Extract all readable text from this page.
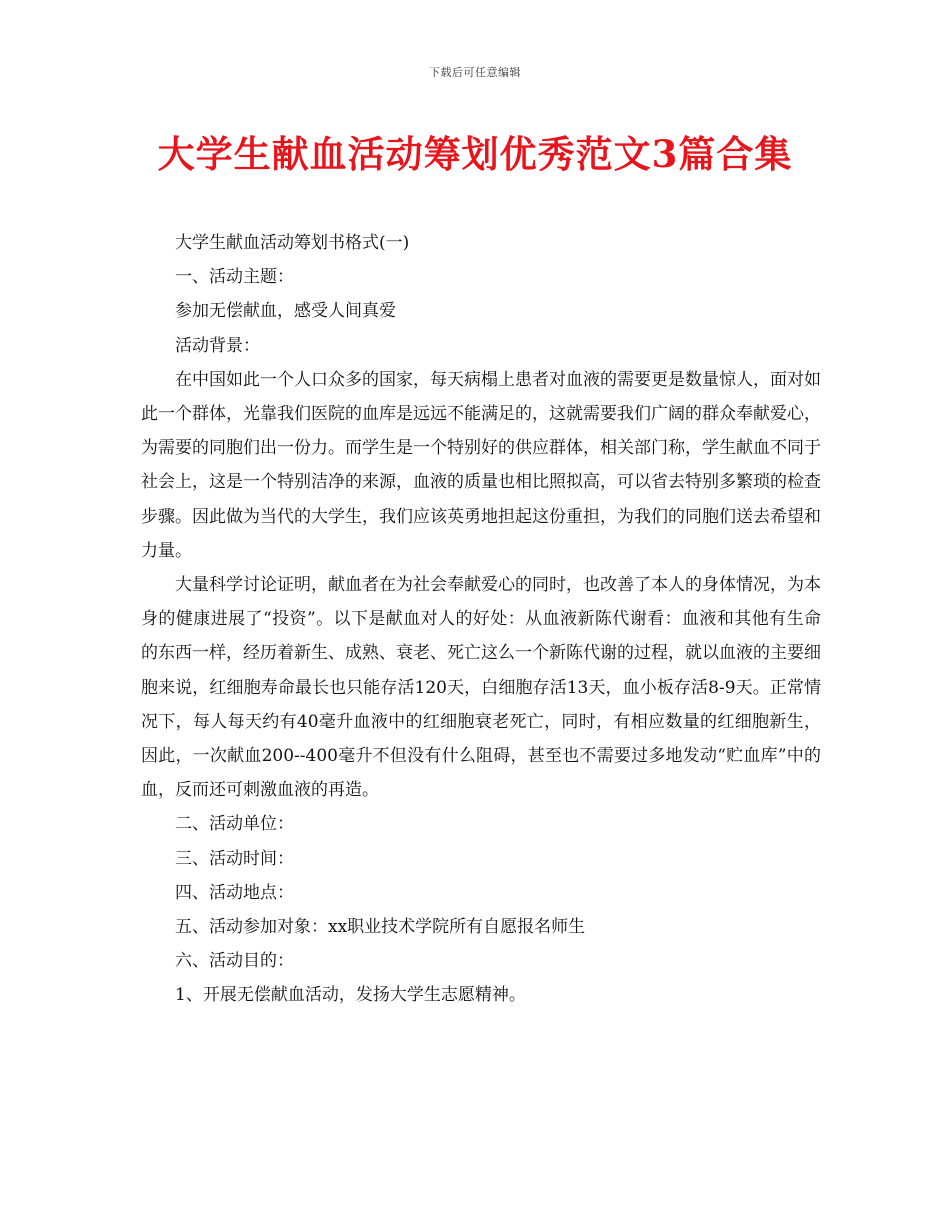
下载后可任意编辑
大学生献血活动筹划优秀范文3篇合集

大学生献血活动筹划书格式(一)

一、活动主题：

参加无偿献血，感受人间真爱

活动背景：

在中国如此一个人口众多的国家，每天病榻上患者对血液的需要更是数量惊人，面对如此一个群体，光靠我们医院的血库是远远不能满足的，这就需要我们广阔的群众奉献爱心，为需要的同胞们出一份力。而学生是一个特别好的供应群体，相关部门称，学生献血不同于社会上，这是一个特别洁净的来源，血液的质量也相比照拟高，可以省去特别多繁琐的检查步骤。因此做为当代的大学生，我们应该英勇地担起这份重担，为我们的同胞们送去希望和力量。

大量科学讨论证明，献血者在为社会奉献爱心的同时，也改善了本人的身体情况，为本身的健康进展了“投资”。以下是献血对人的好处：从血液新陈代谢看：血液和其他有生命的东西一样，经历着新生、成熟、衰老、死亡这么一个新陈代谢的过程，就以血液的主要细胞来说，红细胞寿命最长也只能存活120天，白细胞存活13天，血小板存活8-9天。正常情况下，每人每天约有40毫升血液中的红细胞衰老死亡，同时，有相应数量的红细胞新生，因此，一次献血200--400毫升不但没有什么阻碍，甚至也不需要过多地发动“贮血库”中的血，反而还可刺激血液的再造。

二、活动单位：

三、活动时间：

四、活动地点：

五、活动参加对象：xx职业技术学院所有自愿报名师生

六、活动目的：

1、开展无偿献血活动，发扬大学生志愿精神。
